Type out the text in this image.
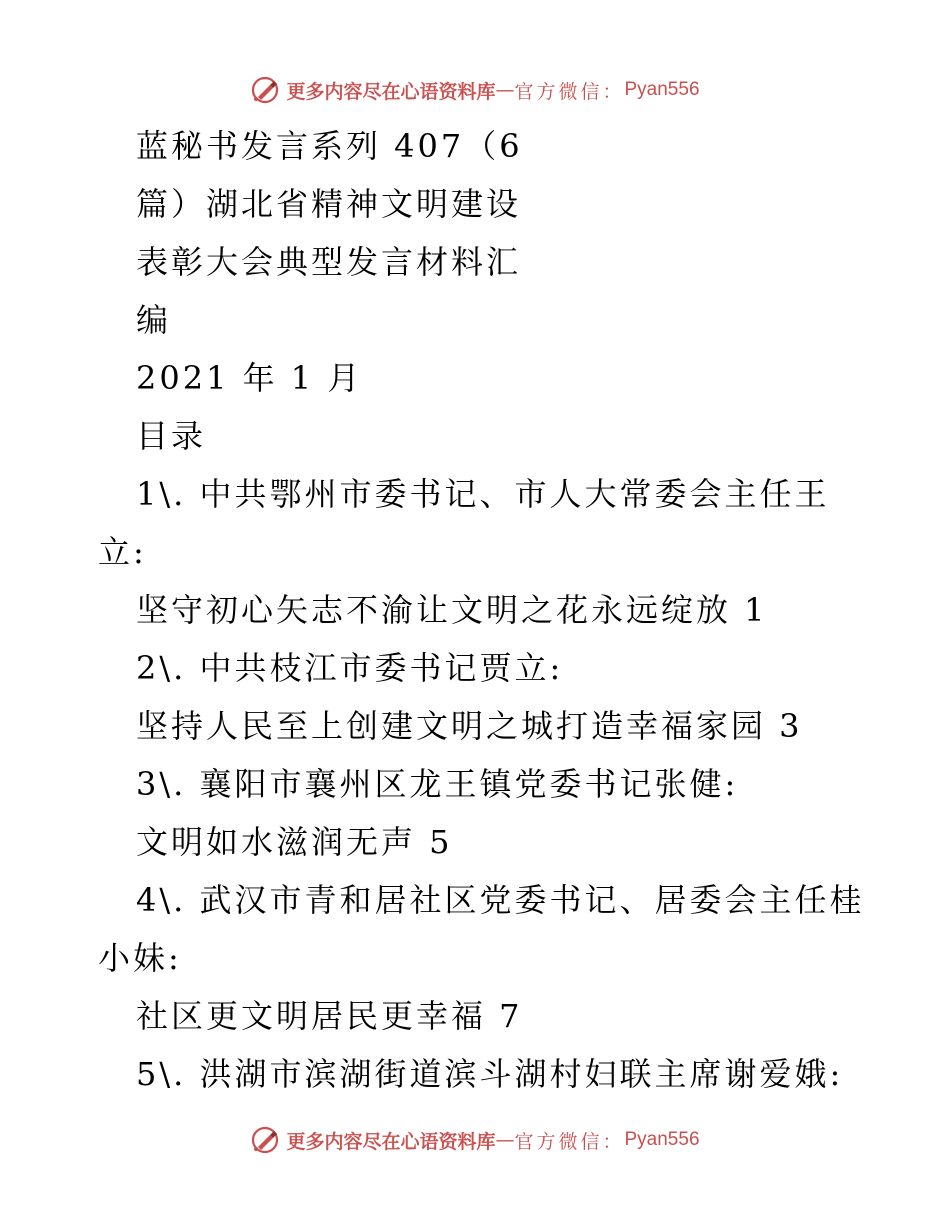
更多内容尽在心语资料库 — 官方微信： Pyan556
蓝秘书发言系列 407（6
篇）湖北省精神文明建设
表彰大会典型发言材料汇
编
2021 年 1 月
目录
1\. 中共鄂州市委书记、市人大常委会主任王
立:
坚守初心矢志不渝让文明之花永远绽放 1
2\. 中共枝江市委书记贾立:
坚持人民至上创建文明之城打造幸福家园 3
3\. 襄阳市襄州区龙王镇党委书记张健:
文明如水滋润无声 5
4\. 武汉市青和居社区党委书记、居委会主任桂
小妹:
社区更文明居民更幸福 7
5\. 洪湖市滨湖街道滨斗湖村妇联主席谢爱娥:
更多内容尽在心语资料库 — 官方微信： Pyan556
